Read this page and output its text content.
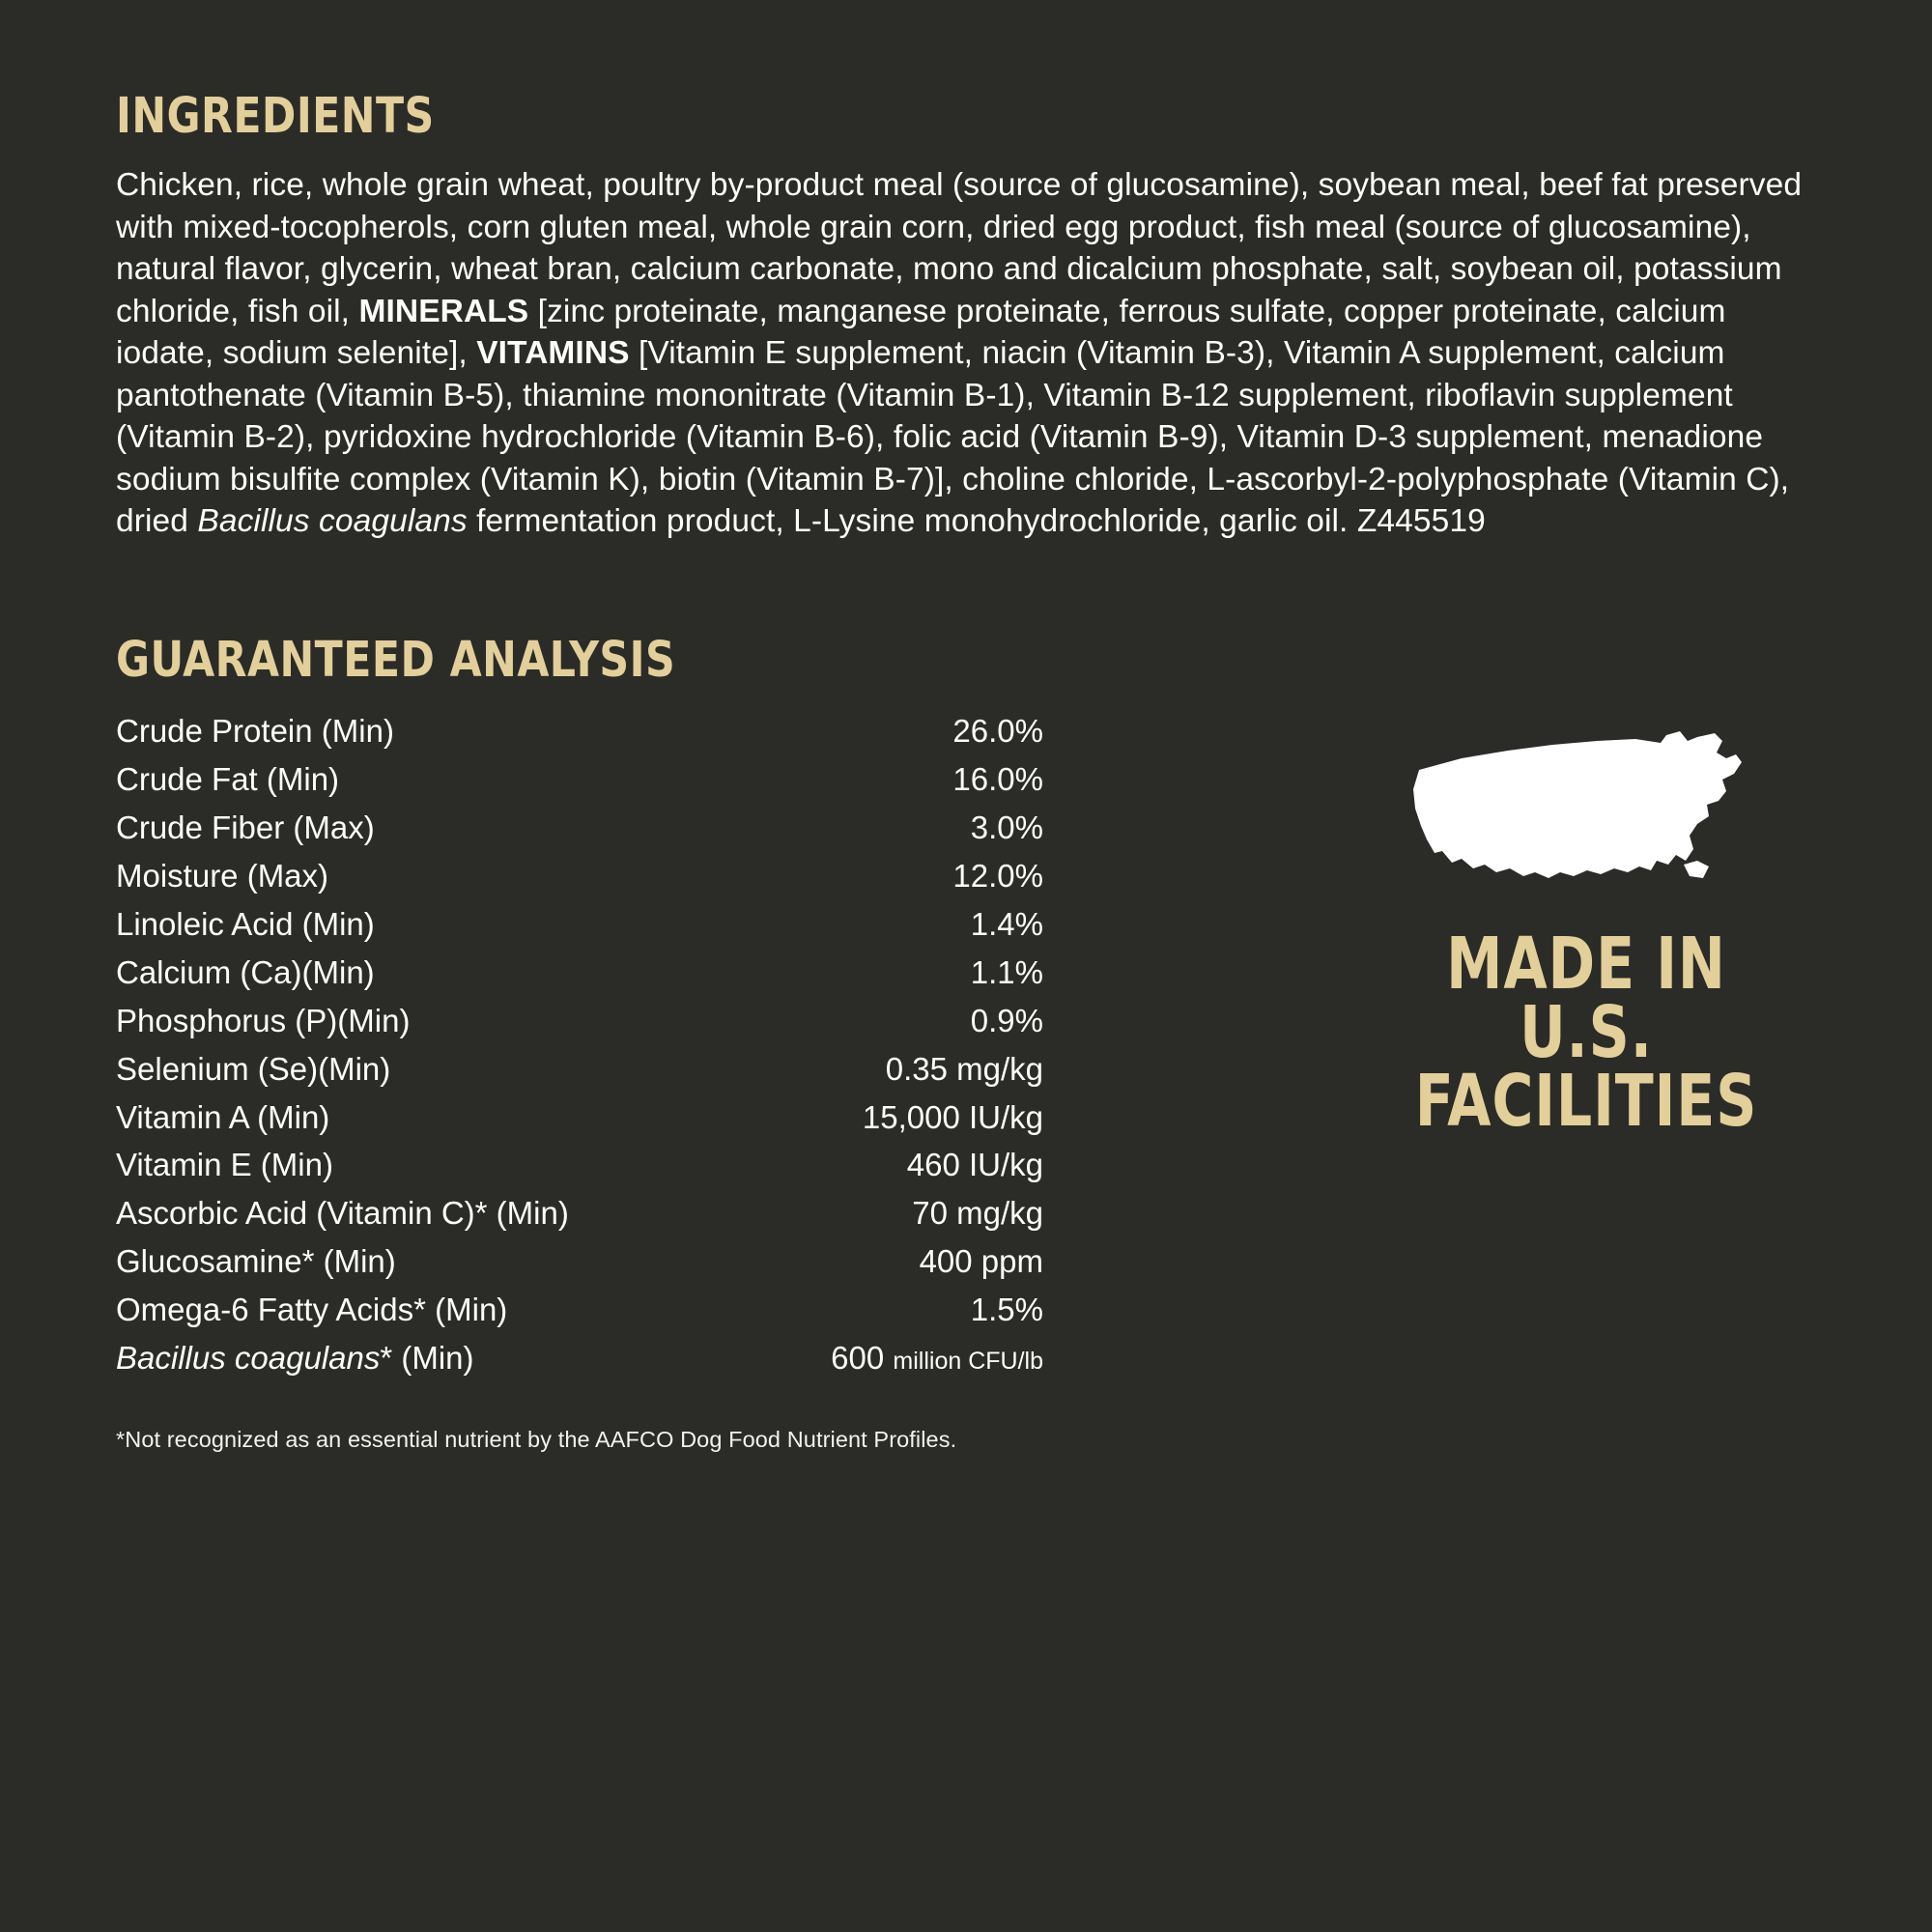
INGREDIENTS
Chicken, rice, whole grain wheat, poultry by-product meal (source of glucosamine), soybean meal, beef fat preserved with mixed-tocopherols, corn gluten meal, whole grain corn, dried egg product, fish meal (source of glucosamine), natural flavor, glycerin, wheat bran, calcium carbonate, mono and dicalcium phosphate, salt, soybean oil, potassium chloride, fish oil, MINERALS [zinc proteinate, manganese proteinate, ferrous sulfate, copper proteinate, calcium iodate, sodium selenite], VITAMINS [Vitamin E supplement, niacin (Vitamin B-3), Vitamin A supplement, calcium pantothenate (Vitamin B-5), thiamine mononitrate (Vitamin B-1), Vitamin B-12 supplement, riboflavin supplement (Vitamin B-2), pyridoxine hydrochloride (Vitamin B-6), folic acid (Vitamin B-9), Vitamin D-3 supplement, menadione sodium bisulfite complex (Vitamin K), biotin (Vitamin B-7)], choline chloride, L-ascorbyl-2-polyphosphate (Vitamin C), dried Bacillus coagulans fermentation product, L-Lysine monohydrochloride, garlic oil. Z445519
GUARANTEED ANALYSIS
Crude Protein (Min)	26.0%
Crude Fat (Min)	16.0%
Crude Fiber (Max)	3.0%
Moisture (Max)	12.0%
Linoleic Acid (Min)	1.4%
Calcium (Ca)(Min)	1.1%
Phosphorus (P)(Min)	0.9%
Selenium (Se)(Min)	0.35 mg/kg
Vitamin A (Min)	15,000 IU/kg
Vitamin E (Min)	460 IU/kg
Ascorbic Acid (Vitamin C)* (Min)	70 mg/kg
Glucosamine* (Min)	400 ppm
Omega-6 Fatty Acids* (Min)	1.5%
Bacillus coagulans* (Min)	600 million CFU/lb
*Not recognized as an essential nutrient by the AAFCO Dog Food Nutrient Profiles.
MADE IN
U.S.
FACILITIES
